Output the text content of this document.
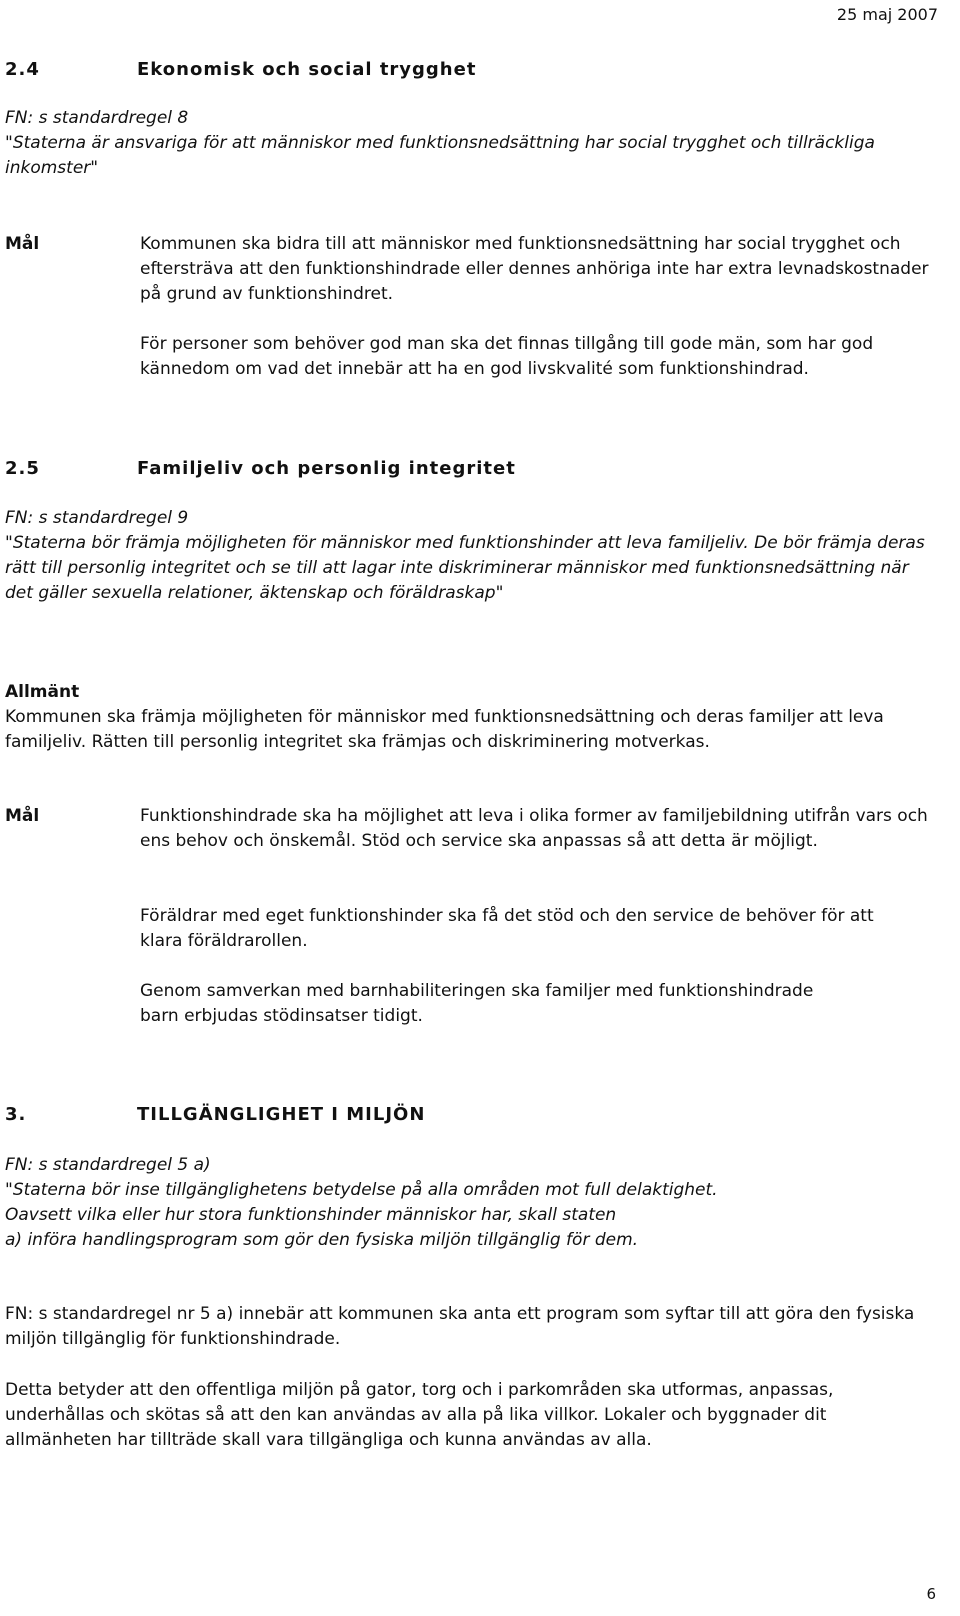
25 maj 2007
2.4	Ekonomisk och social trygghet
FN: s standardregel 8
"Staterna är ansvariga för att människor med funktionsnedsättning har social trygghet och tillräckliga inkomster"
Mål	Kommunen ska bidra till att människor med funktionsnedsättning har social trygghet och eftersträva att den funktionshindrade eller dennes anhöriga inte har extra levnadskostnader på grund av funktionshindret.
För personer som behöver god man ska det finnas tillgång till gode män, som har god kännedom om vad det innebär att ha en god livskvalité som funktionshindrad.
2.5	Familjeliv och personlig integritet
FN: s standardregel 9
"Staterna bör främja möjligheten för människor med funktionshinder att leva familjeliv. De bör främja deras rätt till personlig integritet och se till att lagar inte diskriminerar människor med funktionsnedsättning när det gäller sexuella relationer, äktenskap och föräldraskap"
Allmänt
Kommunen ska främja möjligheten för människor med funktionsnedsättning och deras familjer att leva familjeliv. Rätten till personlig integritet ska främjas och diskriminering motverkas.
Mål	Funktionshindrade ska ha möjlighet att leva i olika former av familjebildning utifrån vars och ens behov och önskemål. Stöd och service ska anpassas så att detta är möjligt.
Föräldrar med eget funktionshinder ska få det stöd och den service de behöver för att klara föräldrarollen.
Genom samverkan med barnhabiliteringen ska familjer med funktionshindrade barn erbjudas stödinsatser tidigt.
3.	TILLGÄNGLIGHET I MILJÖN
FN: s standardregel 5 a)
"Staterna bör inse tillgänglighetens betydelse på alla områden mot full delaktighet.
Oavsett vilka eller hur stora funktionshinder människor har, skall staten
a) införa handlingsprogram som gör den fysiska miljön tillgänglig för dem.
FN: s standardregel nr 5 a) innebär att kommunen ska anta ett program som syftar till att göra den fysiska miljön tillgänglig för funktionshindrade.
Detta betyder att den offentliga miljön på gator, torg och i parkområden ska utformas, anpassas, underhållas och skötas så att den kan användas av alla på lika villkor. Lokaler och byggnader dit allmänheten har tillträde skall vara tillgängliga och kunna användas av alla.
6
